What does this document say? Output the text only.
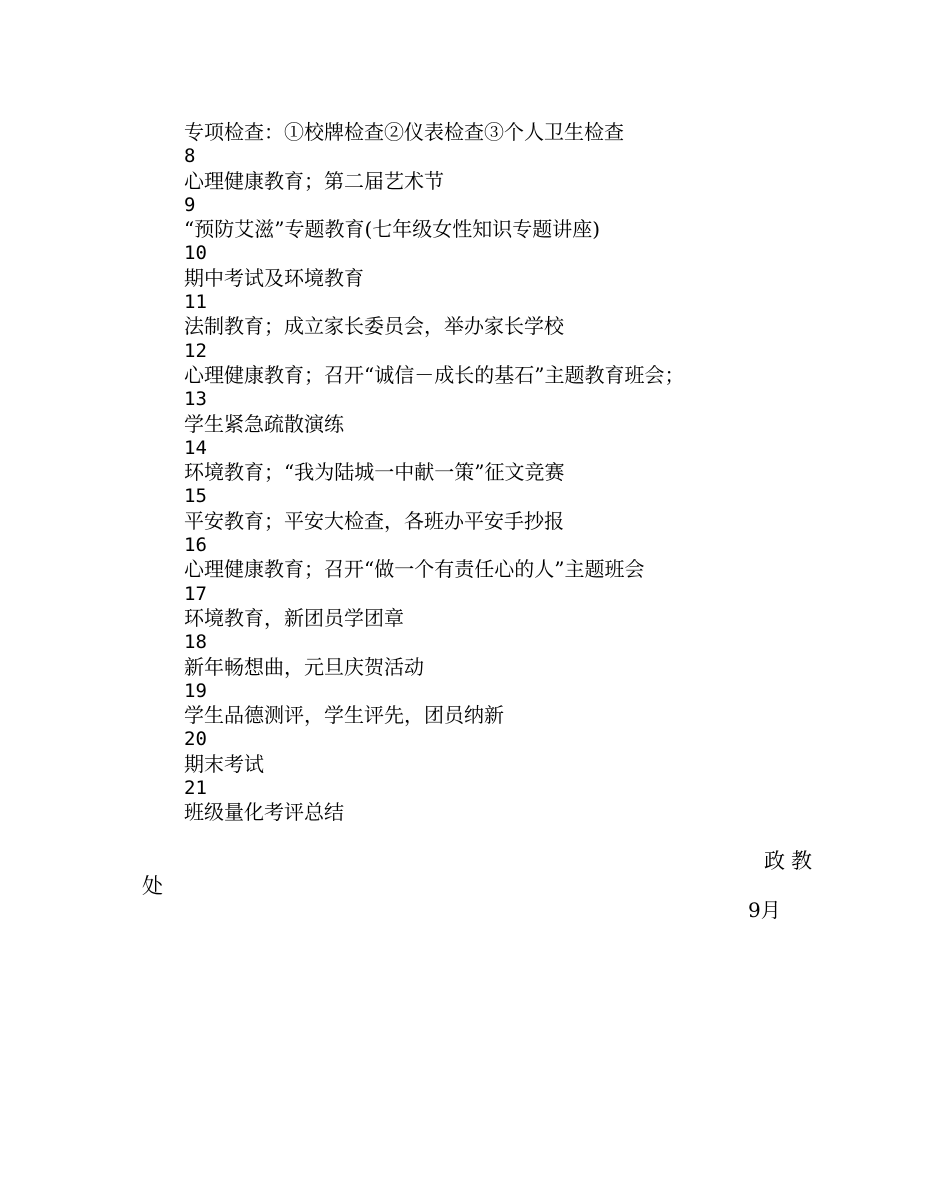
专项检查：①校牌检查②仪表检查③个人卫生检查
8
心理健康教育；第二届艺术节
9
“预防艾滋”专题教育(七年级女性知识专题讲座)
10
期中考试及环境教育
11
法制教育；成立家长委员会，举办家长学校
12
心理健康教育；召开“诚信－成长的基石”主题教育班会；
13
学生紧急疏散演练
14
环境教育；“我为陆城一中献一策”征文竞赛
15
平安教育；平安大检查，各班办平安手抄报
16
心理健康教育；召开“做一个有责任心的人”主题班会
17
环境教育，新团员学团章
18
新年畅想曲，元旦庆贺活动
19
学生品德测评，学生评先，团员纳新
20
期末考试
21
班级量化考评总结
政教
处
9月
